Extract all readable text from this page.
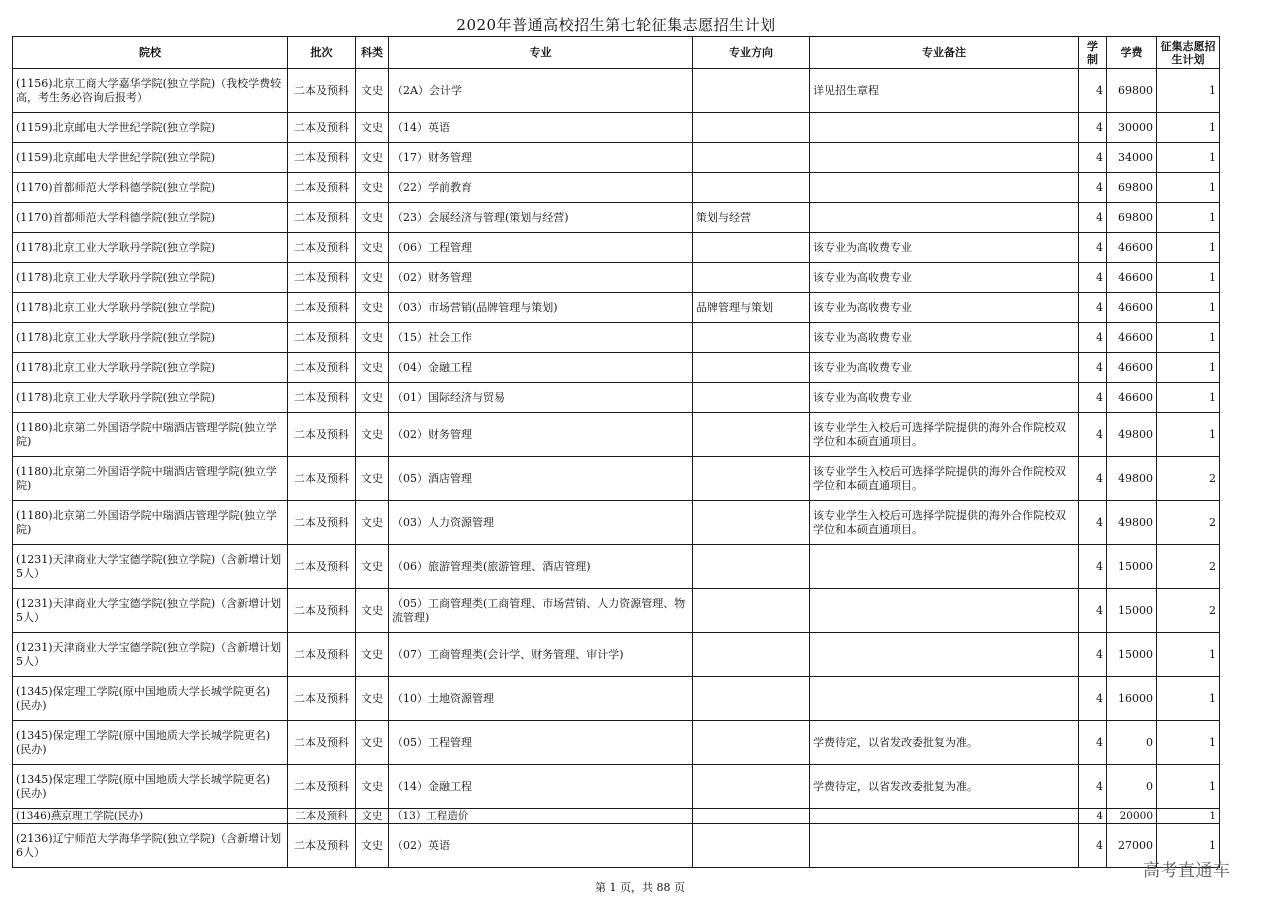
2020年普通高校招生第七轮征集志愿招生计划
院校	批次	科类	专业	专业方向	专业备注	学制	学费	征集志愿招生计划
(1156)北京工商大学嘉华学院(独立学院)（我校学费较高，考生务必咨询后报考）	二本及预科	文史	（2A）会计学		详见招生章程	4	69800	1
(1159)北京邮电大学世纪学院(独立学院)	二本及预科	文史	（14）英语			4	30000	1
(1159)北京邮电大学世纪学院(独立学院)	二本及预科	文史	（17）财务管理			4	34000	1
(1170)首都师范大学科德学院(独立学院)	二本及预科	文史	（22）学前教育			4	69800	1
(1170)首都师范大学科德学院(独立学院)	二本及预科	文史	（23）会展经济与管理(策划与经营)	策划与经营		4	69800	1
(1178)北京工业大学耿丹学院(独立学院)	二本及预科	文史	（06）工程管理		该专业为高收费专业	4	46600	1
(1178)北京工业大学耿丹学院(独立学院)	二本及预科	文史	（02）财务管理		该专业为高收费专业	4	46600	1
(1178)北京工业大学耿丹学院(独立学院)	二本及预科	文史	（03）市场营销(品牌管理与策划)	品牌管理与策划	该专业为高收费专业	4	46600	1
(1178)北京工业大学耿丹学院(独立学院)	二本及预科	文史	（15）社会工作		该专业为高收费专业	4	46600	1
(1178)北京工业大学耿丹学院(独立学院)	二本及预科	文史	（04）金融工程		该专业为高收费专业	4	46600	1
(1178)北京工业大学耿丹学院(独立学院)	二本及预科	文史	（01）国际经济与贸易		该专业为高收费专业	4	46600	1
(1180)北京第二外国语学院中瑞酒店管理学院(独立学院)	二本及预科	文史	（02）财务管理		该专业学生入校后可选择学院提供的海外合作院校双学位和本硕直通项目。	4	49800	1
(1180)北京第二外国语学院中瑞酒店管理学院(独立学院)	二本及预科	文史	（05）酒店管理		该专业学生入校后可选择学院提供的海外合作院校双学位和本硕直通项目。	4	49800	2
(1180)北京第二外国语学院中瑞酒店管理学院(独立学院)	二本及预科	文史	（03）人力资源管理		该专业学生入校后可选择学院提供的海外合作院校双学位和本硕直通项目。	4	49800	2
(1231)天津商业大学宝德学院(独立学院)（含新增计划5人）	二本及预科	文史	（06）旅游管理类(旅游管理、酒店管理)			4	15000	2
(1231)天津商业大学宝德学院(独立学院)（含新增计划5人）	二本及预科	文史	（05）工商管理类(工商管理、市场营销、人力资源管理、物流管理)			4	15000	2
(1231)天津商业大学宝德学院(独立学院)（含新增计划5人）	二本及预科	文史	（07）工商管理类(会计学、财务管理、审计学)			4	15000	1
(1345)保定理工学院(原中国地质大学长城学院更名)(民办)	二本及预科	文史	（10）土地资源管理			4	16000	1
(1345)保定理工学院(原中国地质大学长城学院更名)(民办)	二本及预科	文史	（05）工程管理		学费待定，以省发改委批复为准。	4	0	1
(1345)保定理工学院(原中国地质大学长城学院更名)(民办)	二本及预科	文史	（14）金融工程		学费待定，以省发改委批复为准。	4	0	1
(1346)燕京理工学院(民办)	二本及预科	文史	（13）工程造价			4	20000	1
(2136)辽宁师范大学海华学院(独立学院)（含新增计划6人）	二本及预科	文史	（02）英语			4	27000	1
第 1 页，共 88 页
高考直通车
